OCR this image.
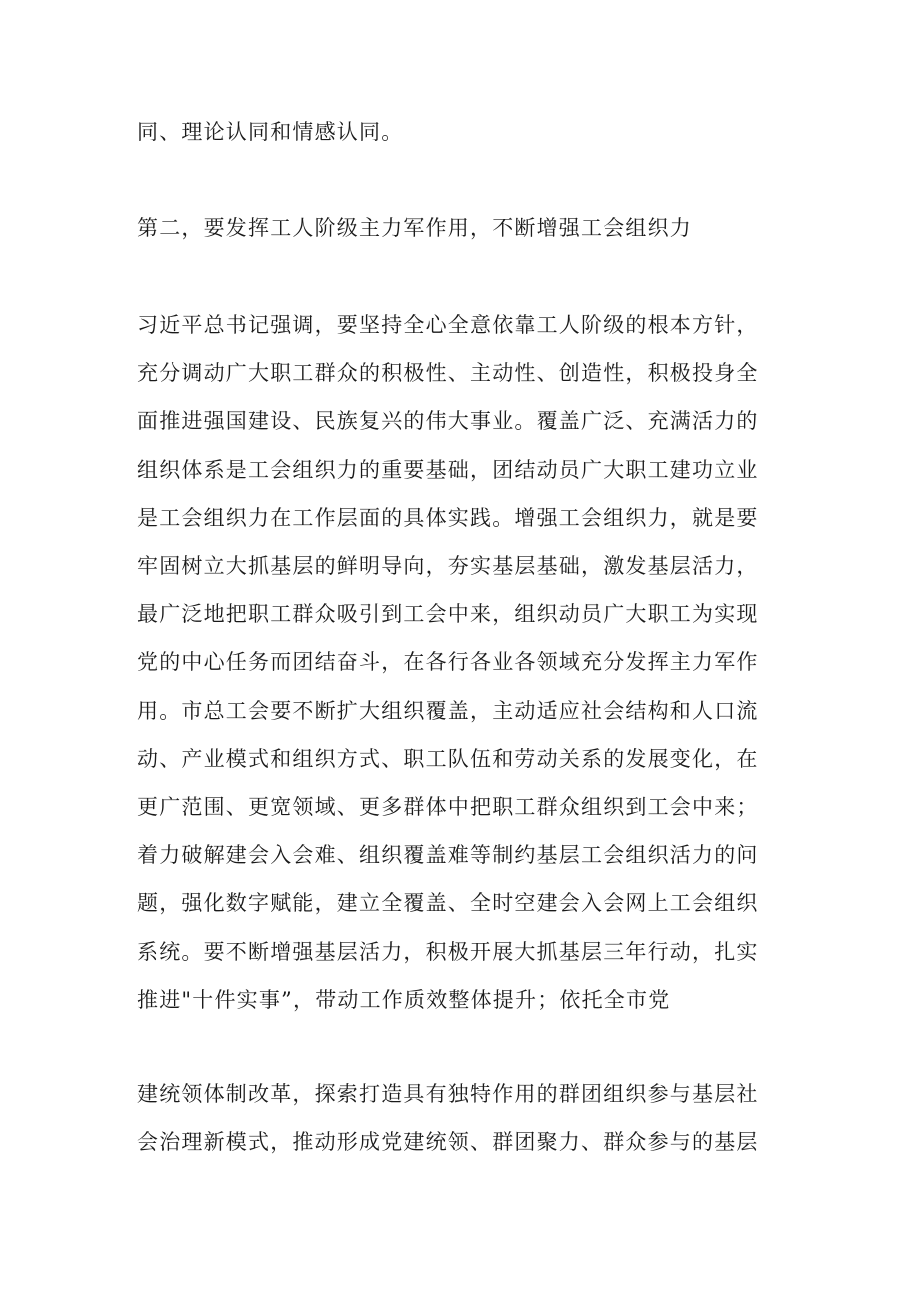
同、理论认同和情感认同。
第二，要发挥工人阶级主力军作用，不断增强工会组织力
习近平总书记强调，要坚持全心全意依靠工人阶级的根本方针，
充分调动广大职工群众的积极性、主动性、创造性，积极投身全
面推进强国建设、民族复兴的伟大事业。覆盖广泛、充满活力的
组织体系是工会组织力的重要基础，团结动员广大职工建功立业
是工会组织力在工作层面的具体实践。增强工会组织力，就是要
牢固树立大抓基层的鲜明导向，夯实基层基础，激发基层活力，
最广泛地把职工群众吸引到工会中来，组织动员广大职工为实现
党的中心任务而团结奋斗，在各行各业各领域充分发挥主力军作
用。市总工会要不断扩大组织覆盖，主动适应社会结构和人口流
动、产业模式和组织方式、职工队伍和劳动关系的发展变化，在
更广范围、更宽领域、更多群体中把职工群众组织到工会中来；
着力破解建会入会难、组织覆盖难等制约基层工会组织活力的问
题，强化数字赋能，建立全覆盖、全时空建会入会网上工会组织
系统。要不断增强基层活力，积极开展大抓基层三年行动，扎实
推进"十件实事”，带动工作质效整体提升；依托全市党
建统领体制改革，探索打造具有独特作用的群团组织参与基层社
会治理新模式，推动形成党建统领、群团聚力、群众参与的基层
